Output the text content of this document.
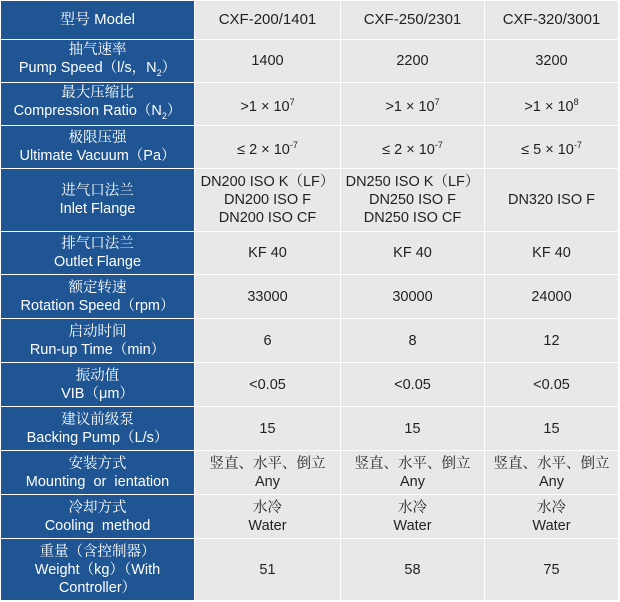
型号 Model	CXF-200/1401	CXF-250/2301	CXF-320/3001

抽气速率
Pump Speed（l/s，$N_2$）	1400	2200	3200

最大压缩比
Compression $Ratio(N_2)$	$>1 \times 10^7$	$>1 \times 10^7$	$>1 \times 10^8$

极限压强
Ultimate Vacuum（Pa）	≤ $2 \times 10^{-7}$	≤ $2 \times 10^{-7}$	≤ $5 \times 10^{-7}$

进气口法兰
Inlet Flange	DN200 ISO K（LF）
DN200 ISO F
DN200 ISO CF	DN250 ISO K（LF）
DN250 ISO F
DN250 ISO CF	DN320 ISO F

排气口法兰
Outlet Flange	KF 40	KF 40	KF 40

额定转速
Rotation Speed（rpm）	33000	30000	24000

启动时间
Run-up Time（min）	6	8	12

振动值
VIB（μm）	<0.05	<0.05	<0.05

建议前级泵
Backing Pump（L/s）	15	15	15

安装方式
Mounting  or  ientation	竖直、水平、倒立
Any	竖直、水平、倒立
Any	竖直、水平、倒立
Any

冷却方式
Cooling  method	水冷
Water	水冷
Water	水冷
Water

重量（含控制器）
Weight（kg）（With
Controller）	51	58	75
